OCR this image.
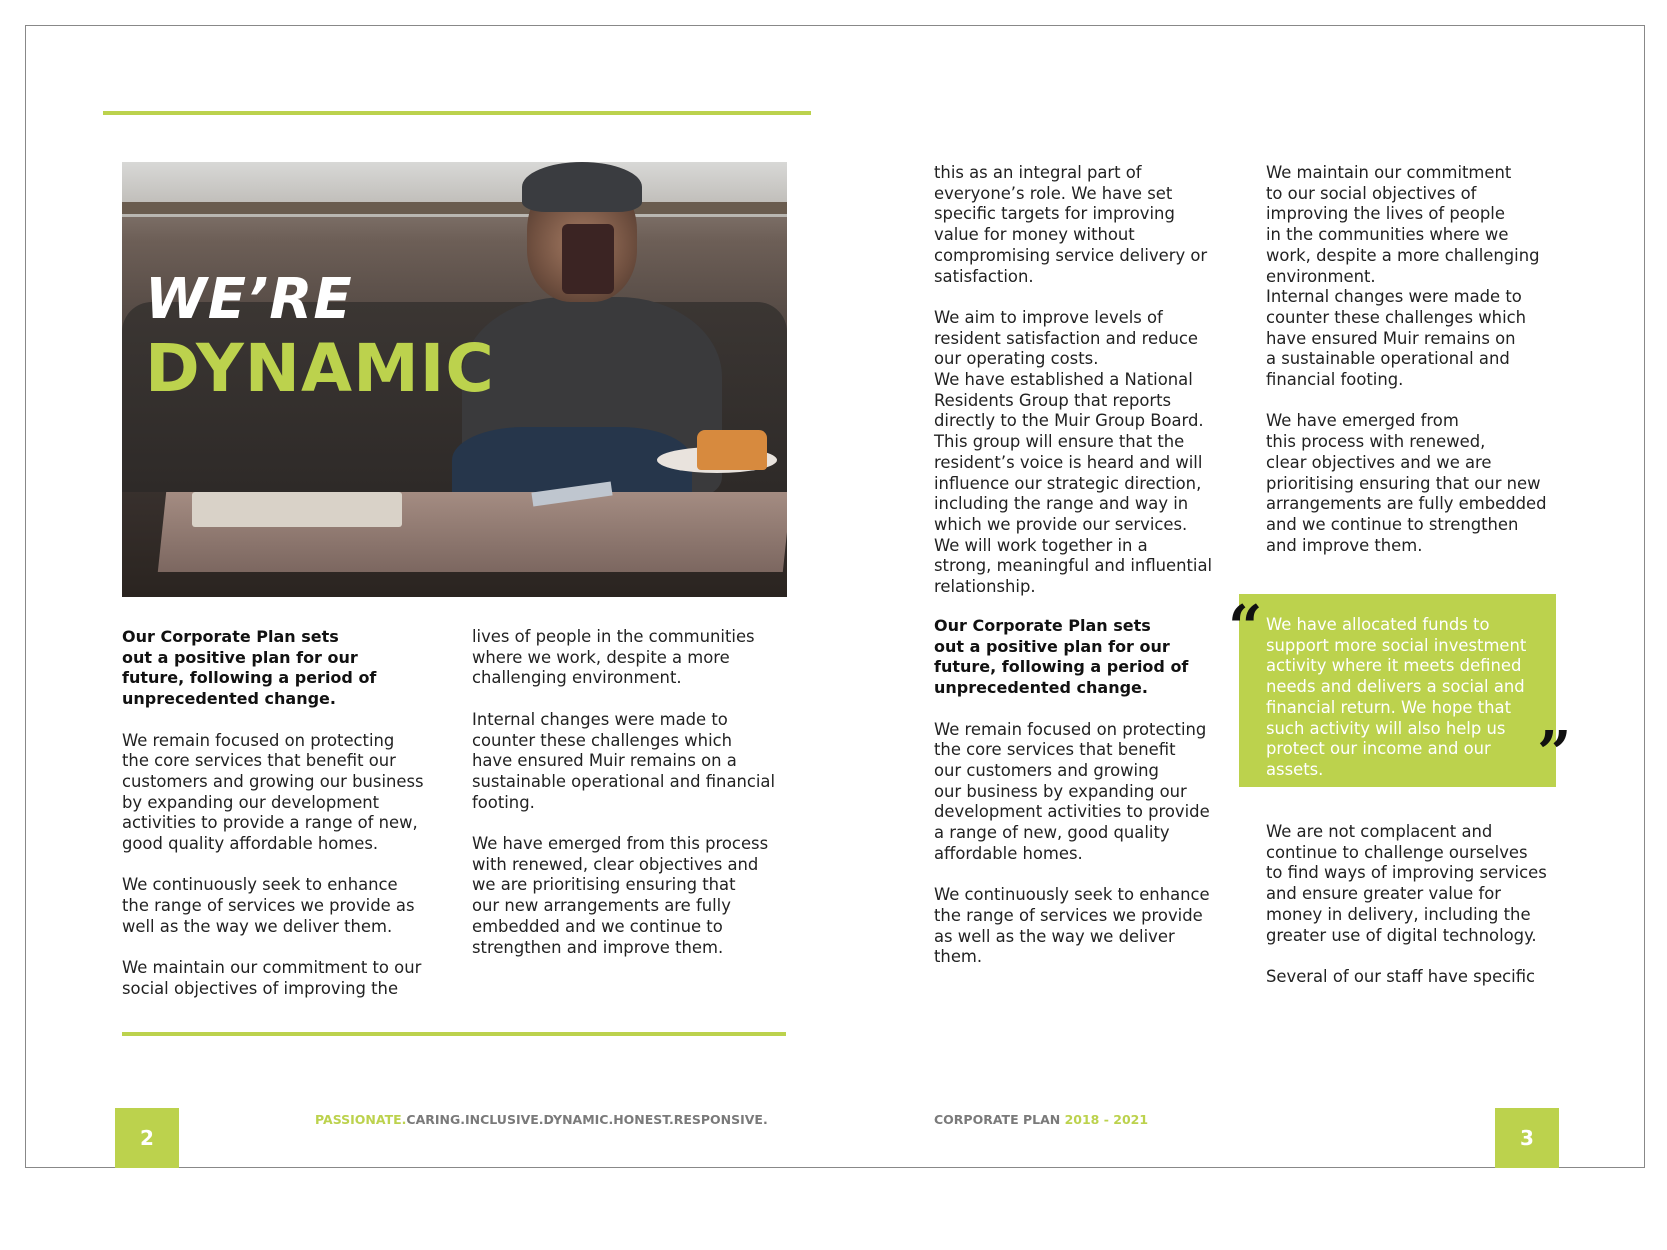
WE’RE
DYNAMIC

Our Corporate Plan sets
out a positive plan for our
future, following a period of
unprecedented change.

We remain focused on protecting
the core services that benefit our
customers and growing our business
by expanding our development
activities to provide a range of new,
good quality affordable homes.

We continuously seek to enhance
the range of services we provide as
well as the way we deliver them.

We maintain our commitment to our
social objectives of improving the

lives of people in the communities
where we work, despite a more
challenging environment.

Internal changes were made to
counter these challenges which
have ensured Muir remains on a
sustainable operational and financial
footing.

We have emerged from this process
with renewed, clear objectives and
we are prioritising ensuring that
our new arrangements are fully
embedded and we continue to
strengthen and improve them.

this as an integral part of
everyone’s role. We have set
specific targets for improving
value for money without
compromising service delivery or
satisfaction.

We aim to improve levels of
resident satisfaction and reduce
our operating costs.
We have established a National
Residents Group that reports
directly to the Muir Group Board.
This group will ensure that the
resident’s voice is heard and will
influence our strategic direction,
including the range and way in
which we provide our services.
We will work together in a
strong, meaningful and influential
relationship.

Our Corporate Plan sets
out a positive plan for our
future, following a period of
unprecedented change.

We remain focused on protecting
the core services that benefit
our customers and growing
our business by expanding our
development activities to provide
a range of new, good quality
affordable homes.

We continuously seek to enhance
the range of services we provide
as well as the way we deliver
them.

We maintain our commitment
to our social objectives of
improving the lives of people
in the communities where we
work, despite a more challenging
environment.
Internal changes were made to
counter these challenges which
have ensured Muir remains on
a sustainable operational and
financial footing.

We have emerged from
this process with renewed,
clear objectives and we are
prioritising ensuring that our new
arrangements are fully embedded
and we continue to strengthen
and improve them.

We have allocated funds to
support more social investment
activity where it meets defined
needs and delivers a social and
financial return. We hope that
such activity will also help us
protect our income and our
assets.
“
”

We are not complacent and
continue to challenge ourselves
to find ways of improving services
and ensure greater value for
money in delivery, including the
greater use of digital technology.

Several of our staff have specific

2
PASSIONATE.CARING.INCLUSIVE.DYNAMIC.HONEST.RESPONSIVE.	CORPORATE PLAN 2018 - 2021
3
